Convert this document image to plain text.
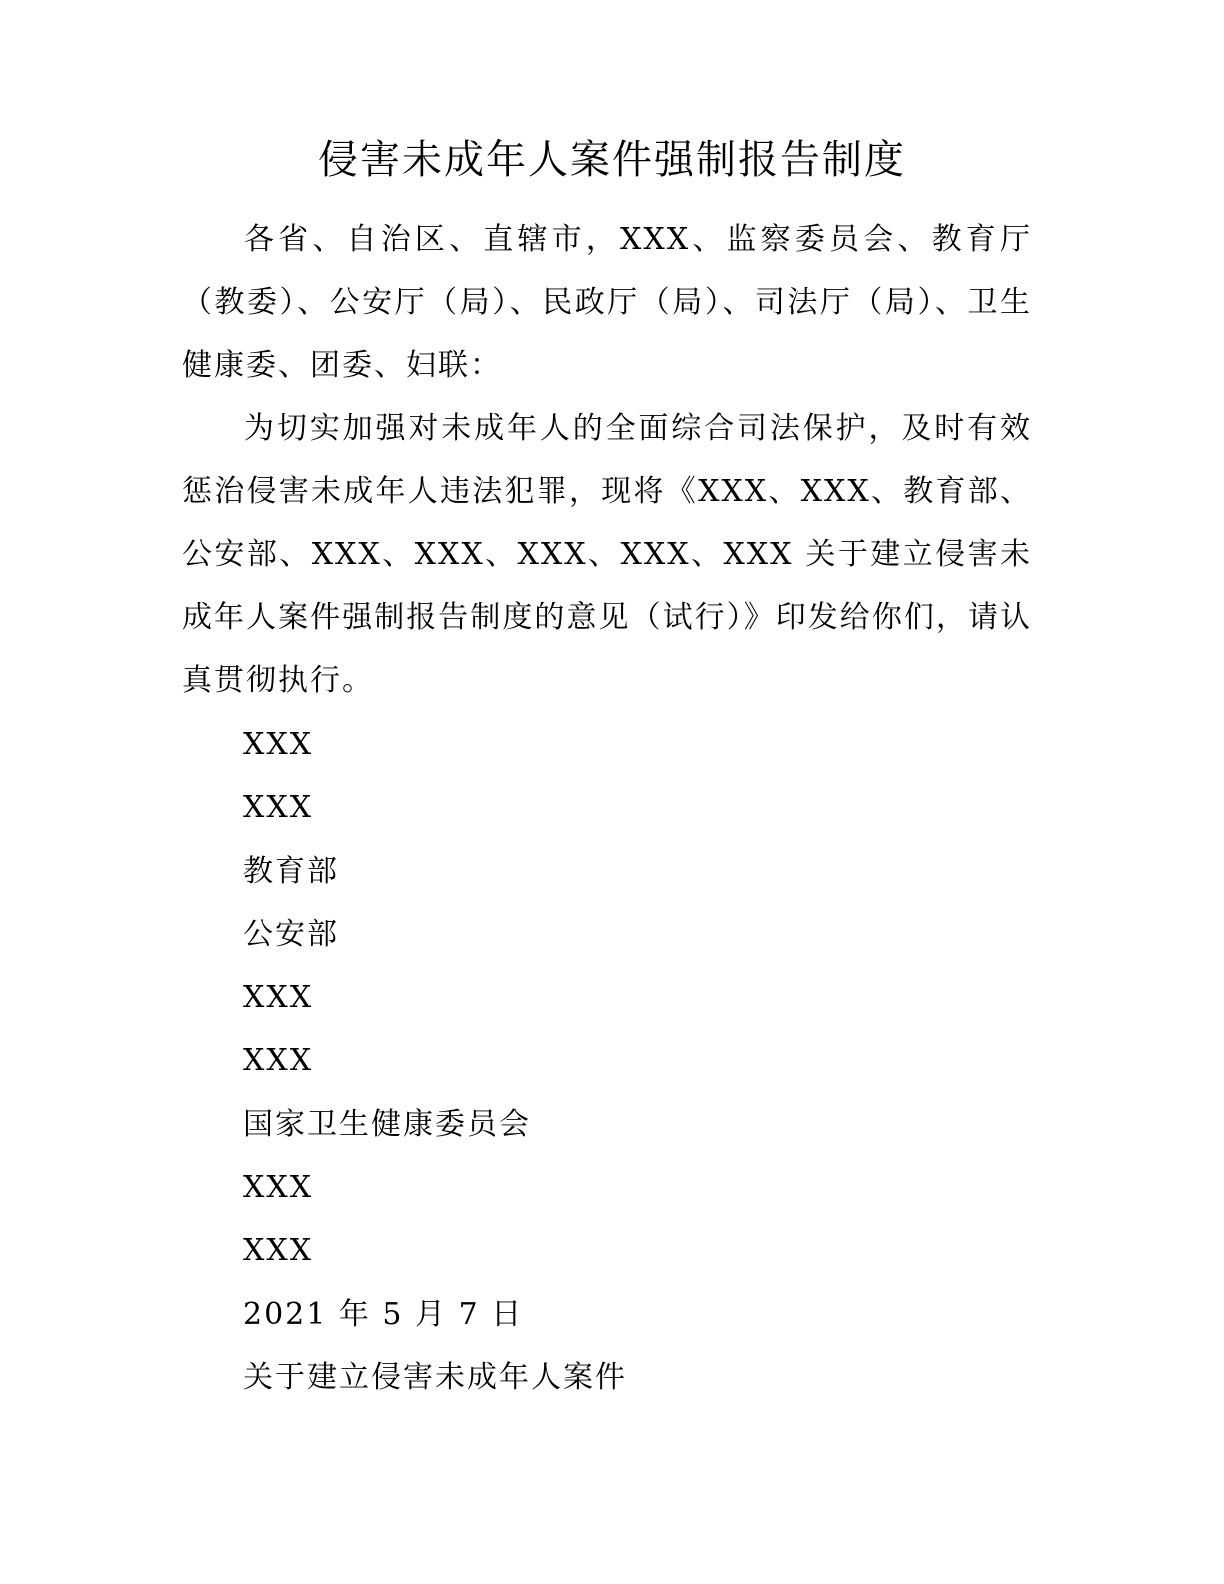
侵害未成年人案件强制报告制度

各省、自治区、直辖市，XXX、监察委员会、教育厅（教委）、公安厅（局）、民政厅（局）、司法厅（局）、卫生健康委、团委、妇联：

为切实加强对未成年人的全面综合司法保护，及时有效惩治侵害未成年人违法犯罪，现将《XXX、XXX、教育部、公安部、XXX、XXX、XXX、XXX、XXX 关于建立侵害未成年人案件强制报告制度的意见（试行）》印发给你们，请认真贯彻执行。

XXX
XXX
教育部
公安部
XXX
XXX
国家卫生健康委员会
XXX
XXX
2021 年 5 月 7 日
关于建立侵害未成年人案件
